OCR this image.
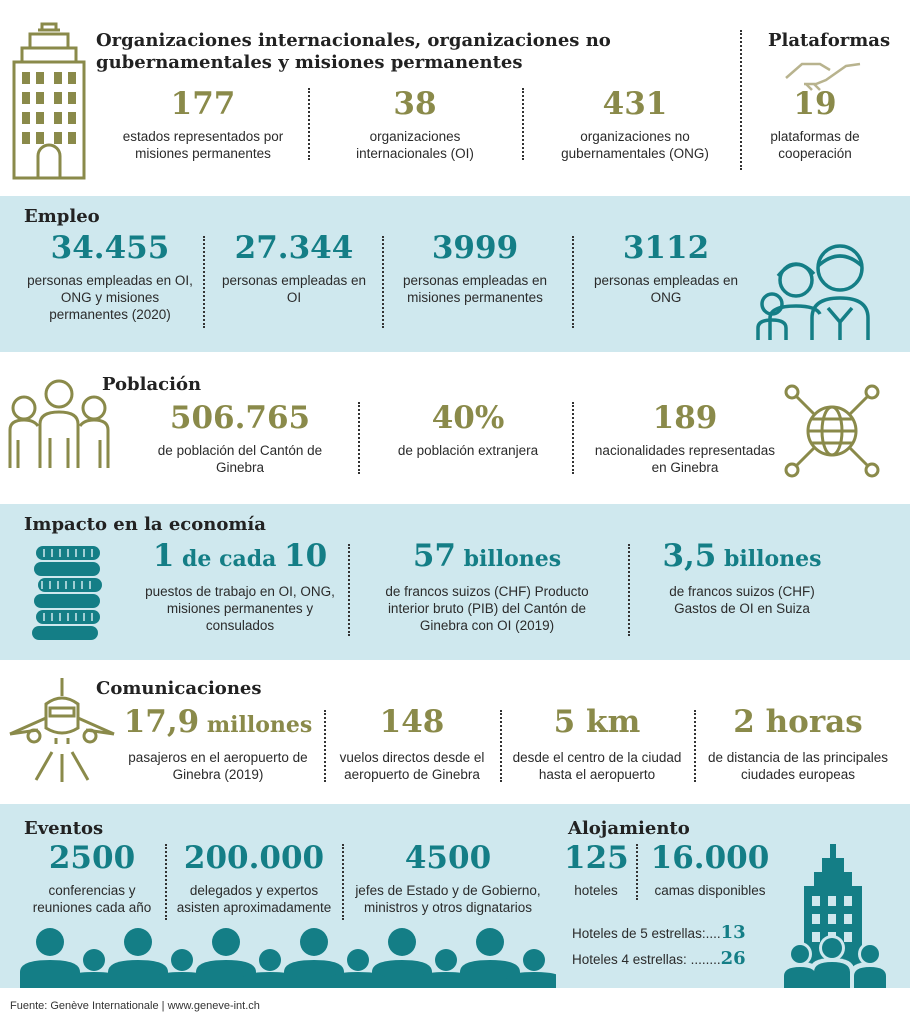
Organizaciones internacionales, organizaciones no gubernamentales y misiones permanentes
177
estados representados por misiones permanentes
38
organizaciones internacionales (OI)
431
organizaciones no gubernamentales (ONG)
Plataformas
19
plataformas de cooperación
Empleo
34.455
personas empleadas en OI, ONG y misiones permanentes (2020)
27.344
personas empleadas en OI
3999
personas empleadas en misiones permanentes
3112
personas empleadas en ONG
Población
506.765
de población del Cantón de Ginebra
40%
de población extranjera
189
nacionalidades representadas en Ginebra
Impacto en la economía
1 de cada 10
puestos de trabajo en OI, ONG, misiones permanentes y consulados
57 billones
de francos suizos (CHF) Producto interior bruto (PIB) del Cantón de Ginebra con OI (2019)
3,5 billones
de francos suizos (CHF) Gastos de OI en Suiza
Comunicaciones
17,9 millones
pasajeros en el aeropuerto de Ginebra (2019)
148
vuelos directos desde el aeropuerto de Ginebra
5 km
desde el centro de la ciudad hasta el aeropuerto
2 horas
de distancia de las principales ciudades europeas
Eventos
2500
conferencias y reuniones cada año
200.000
delegados y expertos asisten aproximadamente
4500
jefes de Estado y de Gobierno, ministros y otros dignatarios
Alojamiento
125
hoteles
16.000
camas disponibles
Hoteles de 5 estrellas:....13
Hoteles 4 estrellas: ........26
Fuente: Genève Internationale | www.geneve-int.ch
